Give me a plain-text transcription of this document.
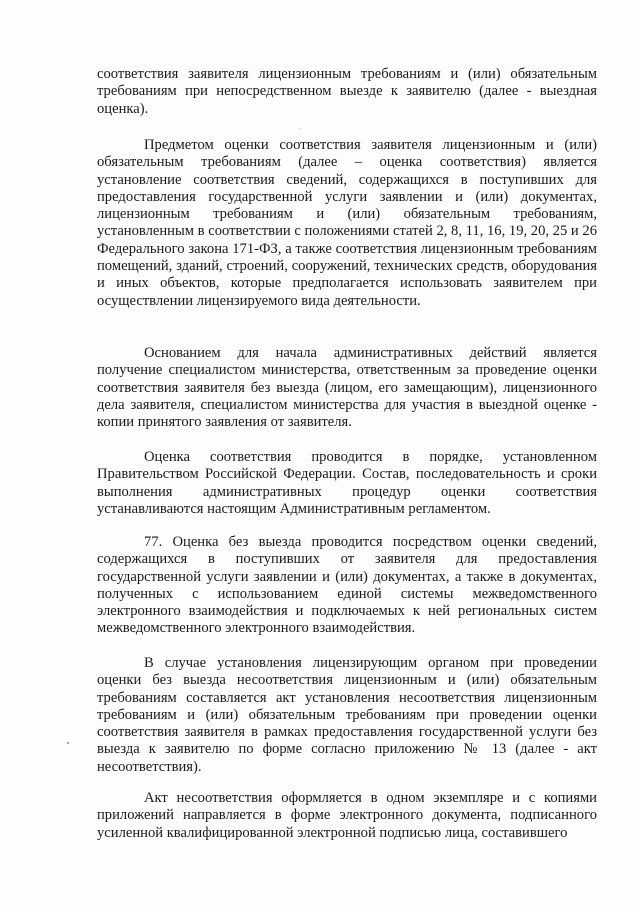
соответствия заявителя лицензионным требованиям и (или) обязательным требованиям при непосредственном выезде к заявителю (далее - выездная оценка).

Предметом оценки соответствия заявителя лицензионным и (или) обязательным требованиям (далее – оценка соответствия) является установление соответствия сведений, содержащихся в поступивших для предоставления государственной услуги заявлении и (или) документах, лицензионным требованиям и (или) обязательным требованиям, установленным в соответствии с положениями статей 2, 8, 11, 16, 19, 20, 25 и 26 Федерального закона 171-ФЗ, а также соответствия лицензионным требованиям помещений, зданий, строений, сооружений, технических средств, оборудования и иных объектов, которые предполагается использовать заявителем при осуществлении лицензируемого вида деятельности.

Основанием для начала административных действий является получение специалистом министерства, ответственным за проведение оценки соответствия заявителя без выезда (лицом, его замещающим), лицензионного дела заявителя, специалистом министерства для участия в выездной оценке - копии принятого заявления от заявителя.

Оценка соответствия проводится в порядке, установленном Правительством Российской Федерации. Состав, последовательность и сроки выполнения административных процедур оценки соответствия устанавливаются настоящим Административным регламентом.

77. Оценка без выезда проводится посредством оценки сведений, содержащихся в поступивших от заявителя для предоставления государственной услуги заявлении и (или) документах, а также в документах, полученных с использованием единой системы межведомственного электронного взаимодействия и подключаемых к ней региональных систем межведомственного электронного взаимодействия.

В случае установления лицензирующим органом при проведении оценки без выезда несоответствия лицензионным и (или) обязательным требованиям составляется акт установления несоответствия лицензионным требованиям и (или) обязательным требованиям при проведении оценки соответствия заявителя в рамках предоставления государственной услуги без выезда к заявителю по форме согласно приложению № 13 (далее - акт несоответствия).

Акт несоответствия оформляется в одном экземпляре и с копиями приложений направляется в форме электронного документа, подписанного усиленной квалифицированной электронной подписью лица, составившего
